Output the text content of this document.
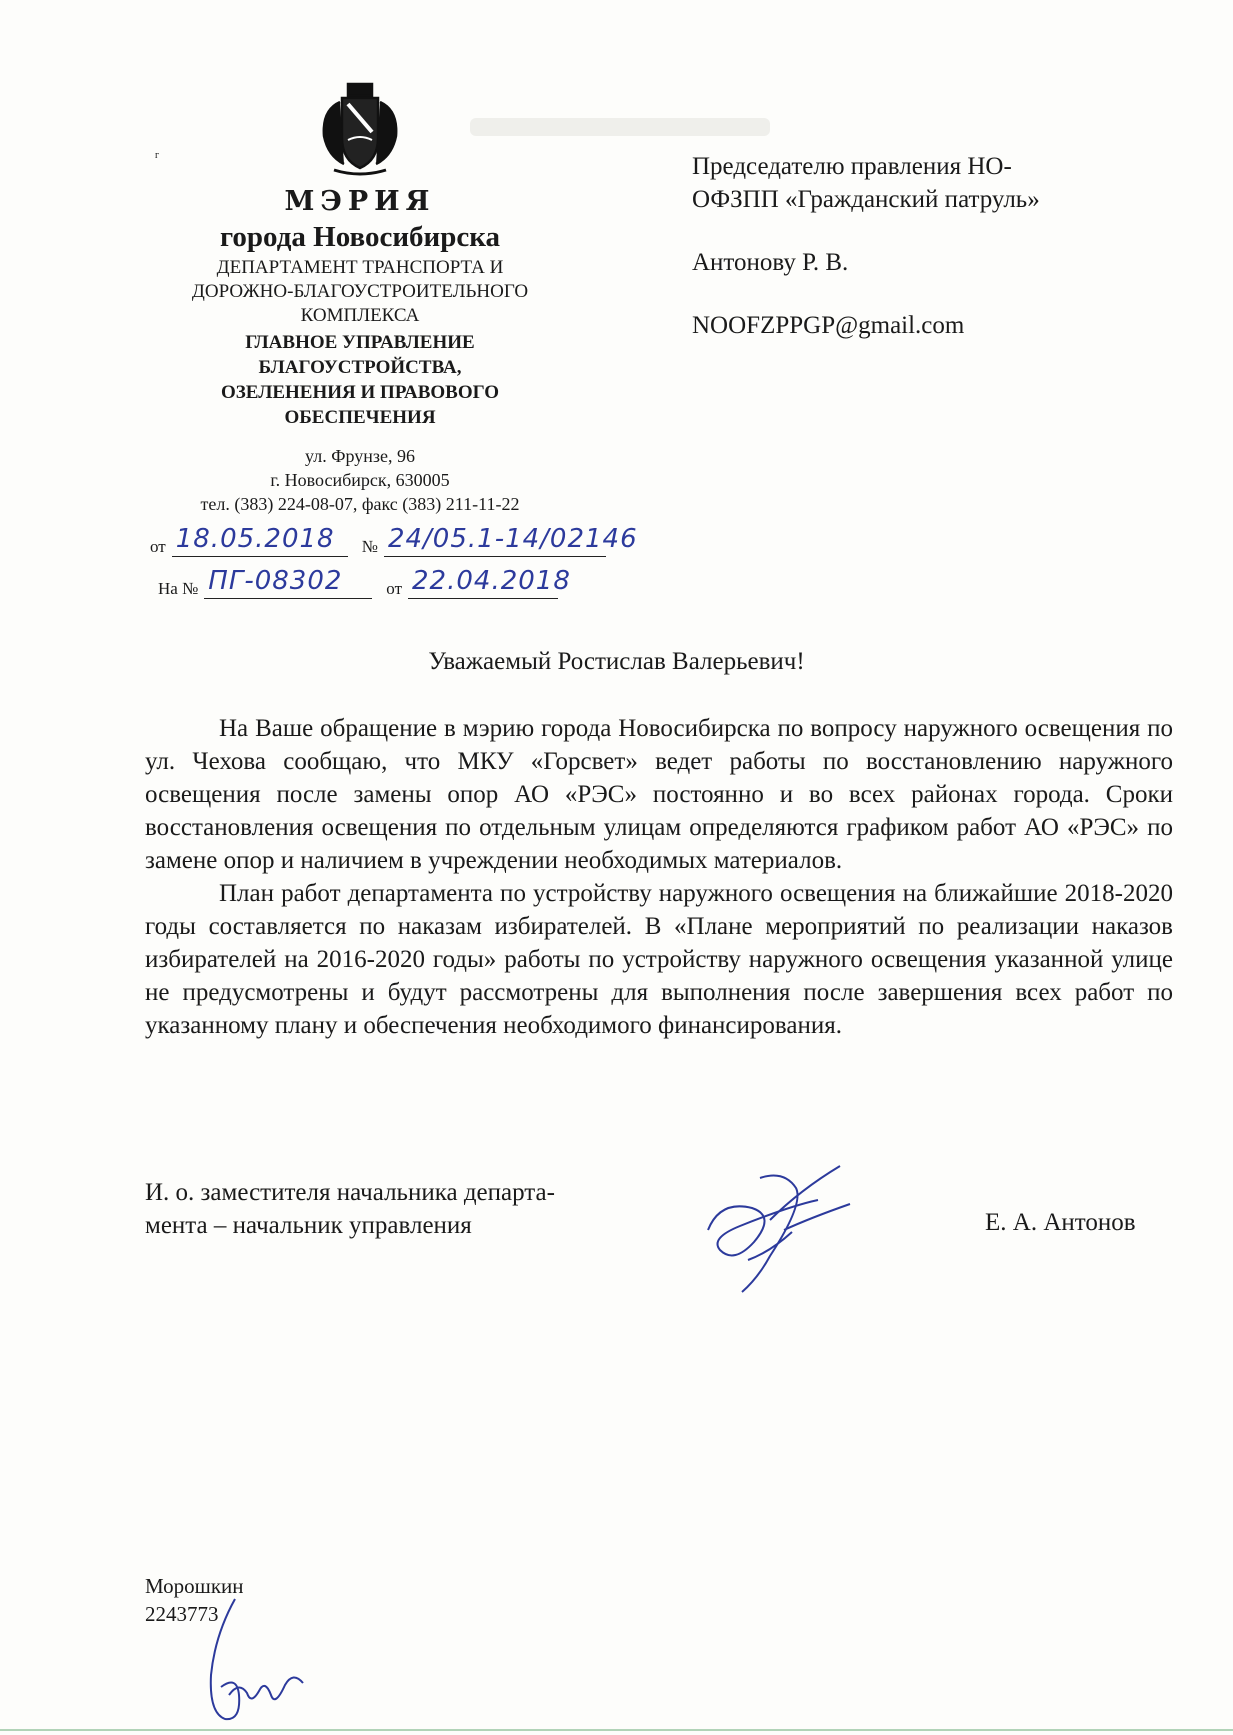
МЭРИЯ
города Новосибирска
ДЕПАРТАМЕНТ ТРАНСПОРТА И
ДОРОЖНО-БЛАГОУСТРОИТЕЛЬНОГО
КОМПЛЕКСА
ГЛАВНОЕ УПРАВЛЕНИЕ
БЛАГОУСТРОЙСТВА,
ОЗЕЛЕНЕНИЯ И ПРАВОВОГО
ОБЕСПЕЧЕНИЯ
ул. Фрунзе, 96
г. Новосибирск, 630005
тел. (383) 224-08-07, факс (383) 211-11-22
г
от 18.05.2018 № 24/05.1-14/02146
На № ПГ-08302	от 22.04.2018

Председателю правления НО-
ОФЗПП «Гражданский патруль»

Антонову Р. В.

NOOFZPPGP@gmail.com

Уважаемый Ростислав Валерьевич!

На Ваше обращение в мэрию города Новосибирска по вопросу наружного освещения по ул. Чехова сообщаю, что МКУ «Горсвет» ведет работы по восстановлению наружного освещения после замены опор АО «РЭС» постоянно и во всех районах города. Сроки восстановления освещения по отдельным улицам определяются графиком работ АО «РЭС» по замене опор и наличием в учреждении необходимых материалов.

План работ департамента по устройству наружного освещения на ближайшие 2018-2020 годы составляется по наказам избирателей. В «Плане мероприятий по реализации наказов избирателей на 2016-2020 годы» работы по устройству наружного освещения указанной улице не предусмотрены и будут рассмотрены для выполнения после завершения всех работ по указанному плану и обеспечения необходимого финансирования.

И. о. заместителя начальника департа-
мента – начальник управления	Е. А. Антонов
Морошкин
2243773
